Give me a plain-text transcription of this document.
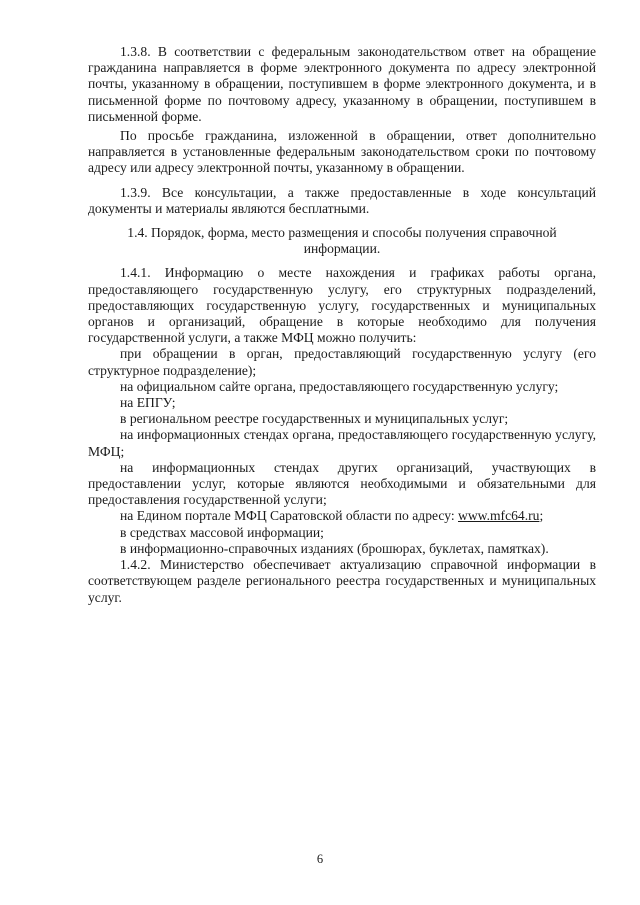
1.3.8. В соответствии с федеральным законодательством ответ на обращение гражданина направляется в форме электронного документа по адресу электронной почты, указанному в обращении, поступившем в форме электронного документа, и в письменной форме по почтовому адресу, указанному в обращении, поступившем в письменной форме.

По просьбе гражданина, изложенной в обращении, ответ дополнительно направляется в установленные федеральным законодательством сроки по почтовому адресу или адресу электронной почты, указанному в обращении.

1.3.9. Все консультации, а также предоставленные в ходе консультаций документы и материалы являются бесплатными.

1.4. Порядок, форма, место размещения и способы получения справочной информации.

1.4.1. Информацию о месте нахождения и графиках работы органа, предоставляющего государственную услугу, его структурных подразделений, предоставляющих государственную услугу, государственных и муниципальных органов и организаций, обращение в которые необходимо для получения государственной услуги, а также МФЦ можно получить:

при обращении в орган, предоставляющий государственную услугу (его структурное подразделение);

на официальном сайте органа, предоставляющего государственную услугу;

на ЕПГУ;

в региональном реестре государственных и муниципальных услуг;

на информационных стендах органа, предоставляющего государственную услугу, МФЦ;

на информационных стендах других организаций, участвующих в предоставлении услуг, которые являются необходимыми и обязательными для предоставления государственной услуги;

на Едином портале МФЦ Саратовской области по адресу: www.mfc64.ru;

в средствах массовой информации;

в информационно-справочных изданиях (брошюрах, буклетах, памятках).

1.4.2. Министерство обеспечивает актуализацию справочной информации в соответствующем разделе регионального реестра государственных и муниципальных услуг.

6
